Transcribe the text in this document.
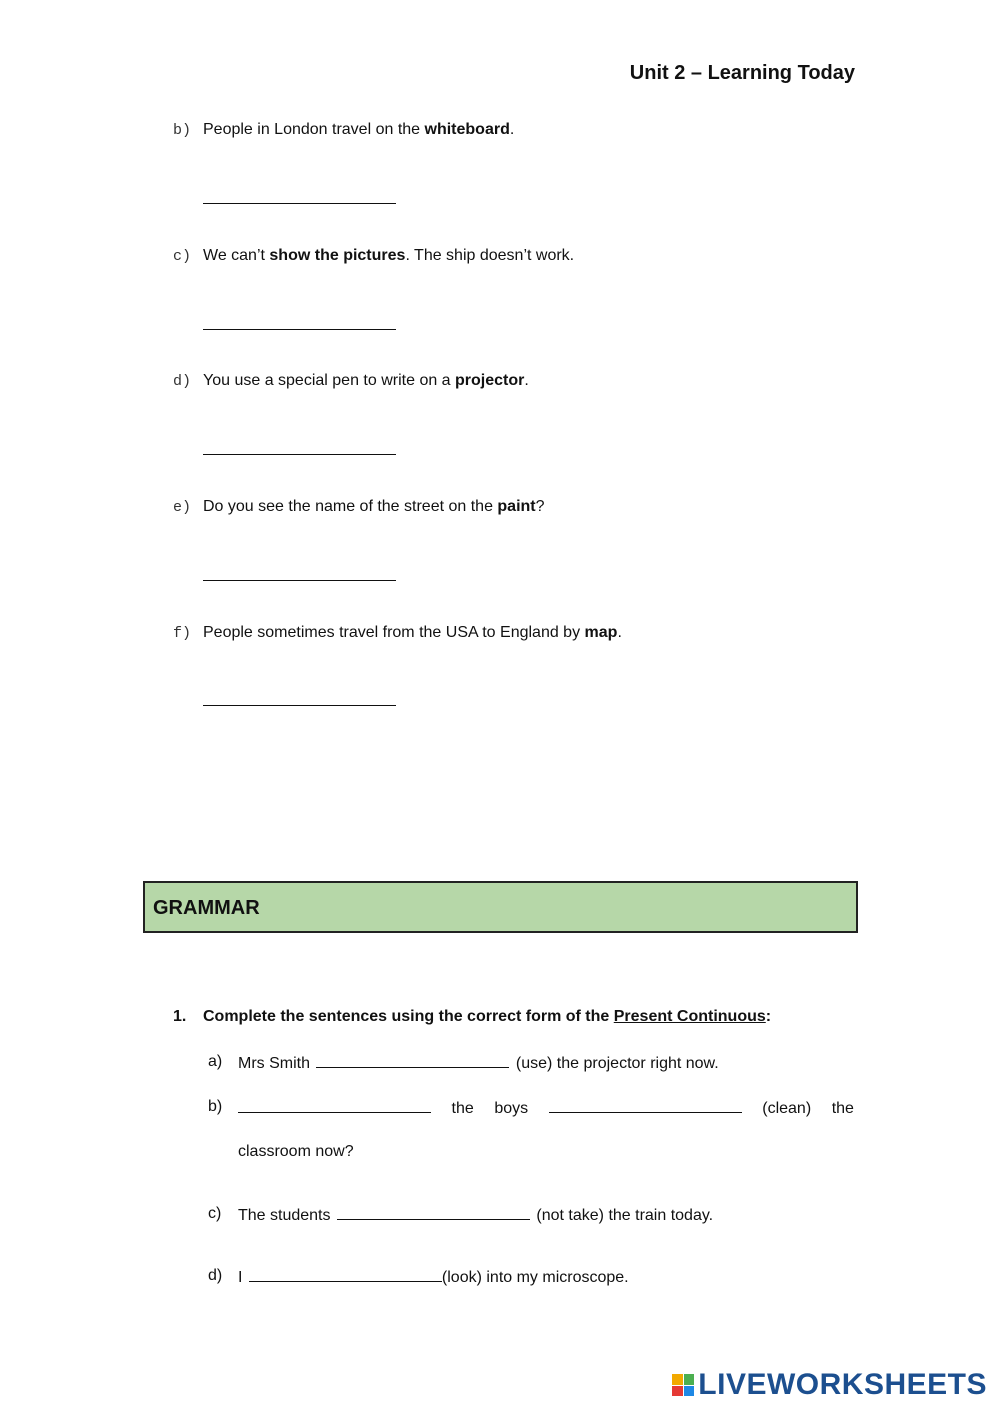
Unit 2 – Learning Today
b) People in London travel on the whiteboard.
c) We can’t show the pictures. The ship doesn’t work.
d) You use a special pen to write on a projector.
e) Do you see the name of the street on the paint?
f) People sometimes travel from the USA to England by map.
GRAMMAR
1. Complete the sentences using the correct form of the Present Continuous:
a) Mrs Smith	(use) the projector right now.
b)	the boys	(clean) the
classroom now?
c) The students	(not take) the train today.
d) I	(look) into my microscope.
LIVEWORKSHEETS
